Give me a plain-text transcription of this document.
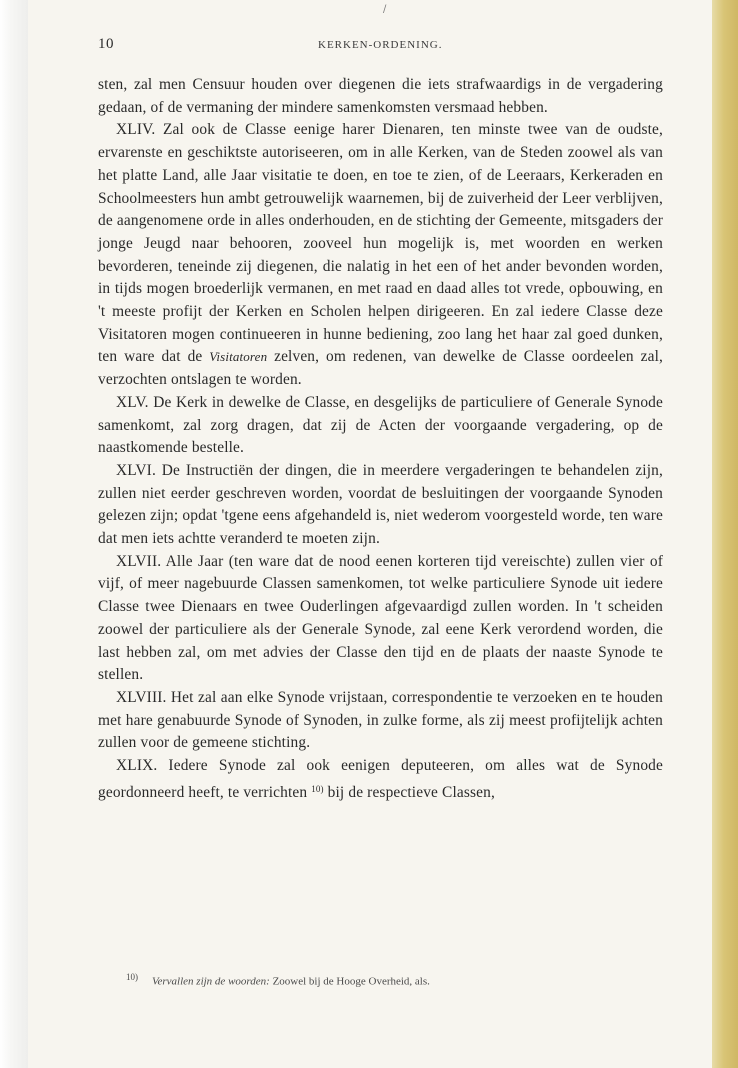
/
10	KERKEN-ORDENING.

sten, zal men Censuur houden over diegenen die iets strafwaardigs in de vergadering gedaan, of de vermaning der mindere samenkomsten versmaad hebben.

XLIV. Zal ook de Classe eenige harer Dienaren, ten minste twee van de oudste, ervarenste en geschiktste autoriseeren, om in alle Kerken, van de Steden zoowel als van het platte Land, alle Jaar visitatie te doen, en toe te zien, of de Leeraars, Kerkeraden en Schoolmeesters hun ambt getrouwelijk waarnemen, bij de zuiverheid der Leer verblijven, de aangenomene orde in alles onderhouden, en de stichting der Gemeente, mitsgaders der jonge Jeugd naar behooren, zooveel hun mogelijk is, met woorden en werken bevorderen, teneinde zij diegenen, die nalatig in het een of het ander bevonden worden, in tijds mogen broederlijk vermanen, en met raad en daad alles tot vrede, opbouwing, en 't meeste profijt der Kerken en Scholen helpen dirigeeren. En zal iedere Classe deze Visitatoren mogen continueeren in hunne bediening, zoo lang het haar zal goed dunken, ten ware dat de Visitatoren zelven, om redenen, van dewelke de Classe oordeelen zal, verzochten ontslagen te worden.

XLV. De Kerk in dewelke de Classe, en desgelijks de particuliere of Generale Synode samenkomt, zal zorg dragen, dat zij de Acten der voorgaande vergadering, op de naastkomende bestelle.

XLVI. De Instructiën der dingen, die in meerdere vergaderingen te behandelen zijn, zullen niet eerder geschreven worden, voordat de besluitingen der voorgaande Synoden gelezen zijn; opdat 'tgene eens afgehandeld is, niet wederom voorgesteld worde, ten ware dat men iets achtte veranderd te moeten zijn.

XLVII. Alle Jaar (ten ware dat de nood eenen korteren tijd vereischte) zullen vier of vijf, of meer nagebuurde Classen samenkomen, tot welke particuliere Synode uit iedere Classe twee Dienaars en twee Ouderlingen afgevaardigd zullen worden. In 't scheiden zoowel der particuliere als der Generale Synode, zal eene Kerk verordend worden, die last hebben zal, om met advies der Classe den tijd en de plaats der naaste Synode te stellen.

XLVIII. Het zal aan elke Synode vrijstaan, correspondentie te verzoeken en te houden met hare genabuurde Synode of Synoden, in zulke forme, als zij meest profijtelijk achten zullen voor de gemeene stichting.

XLIX. Iedere Synode zal ook eenigen deputeeren, om alles wat de Synode geordonneerd heeft, te verrichten $^{10)}$ bij de respectieve Classen,

$^{10)}$ Vervallen zijn de woorden: Zoowel bij de Hooge Overheid, als.
